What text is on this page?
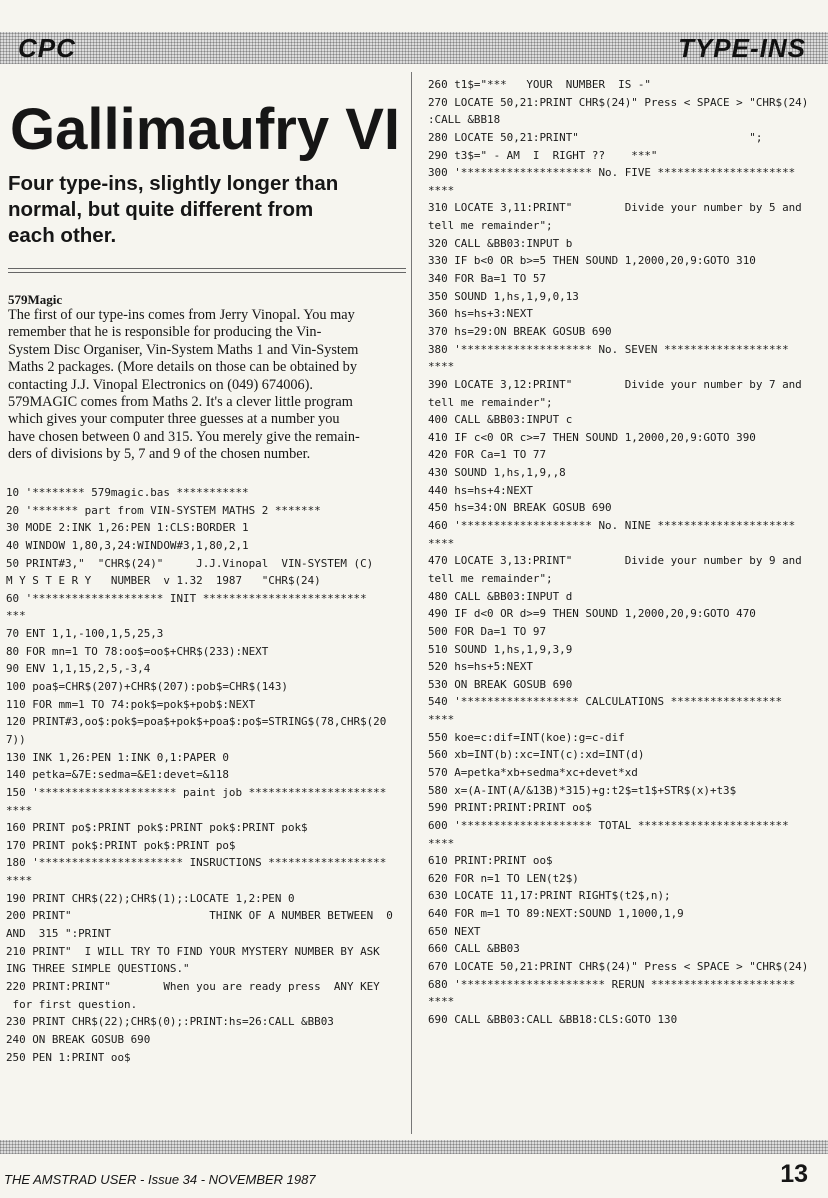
CPC	TYPE-INS
Gallimaufry VI
Four type-ins, slightly longer than
normal, but quite different from
each other.
579Magic
The first of our type-ins comes from Jerry Vinopal. You may
remember that he is responsible for producing the Vin-
System Disc Organiser, Vin-System Maths 1 and Vin-System
Maths 2 packages. (More details on those can be obtained by
contacting J.J. Vinopal Electronics on (049) 674006).
579MAGIC comes from Maths 2. It's a clever little program
which gives your computer three guesses at a number you
have chosen between 0 and 315. You merely give the remain-
ders of divisions by 5, 7 and 9 of the chosen number.
10 '******** 579magic.bas ***********
20 '******* part from VIN-SYSTEM MATHS 2 *******
30 MODE 2:INK 1,26:PEN 1:CLS:BORDER 1
40 WINDOW 1,80,3,24:WINDOW#3,1,80,2,1
50 PRINT#3,"  "CHR$(24)"     J.J.Vinopal  VIN-SYSTEM (C)
M Y S T E R Y   NUMBER  v 1.32  1987   "CHR$(24)
60 '******************** INIT *************************
***
70 ENT 1,1,-100,1,5,25,3
80 FOR mn=1 TO 78:oo$=oo$+CHR$(233):NEXT
90 ENV 1,1,15,2,5,-3,4
100 poa$=CHR$(207)+CHR$(207):pob$=CHR$(143)
110 FOR mm=1 TO 74:pok$=pok$+pob$:NEXT
120 PRINT#3,oo$:pok$=poa$+pok$+poa$:po$=STRING$(78,CHR$(20
7))
130 INK 1,26:PEN 1:INK 0,1:PAPER 0
140 petka=&7E:sedma=&E1:devet=&118
150 '********************* paint job *********************
****
160 PRINT po$:PRINT pok$:PRINT pok$:PRINT pok$
170 PRINT pok$:PRINT pok$:PRINT po$
180 '********************** INSRUCTIONS ******************
****
190 PRINT CHR$(22);CHR$(1);:LOCATE 1,2:PEN 0
200 PRINT"                     THINK OF A NUMBER BETWEEN  0
AND  315 ":PRINT
210 PRINT"  I WILL TRY TO FIND YOUR MYSTERY NUMBER BY ASK
ING THREE SIMPLE QUESTIONS."
220 PRINT:PRINT"        When you are ready press  ANY KEY
for first question.
230 PRINT CHR$(22);CHR$(0);:PRINT:hs=26:CALL &BB03
240 ON BREAK GOSUB 690
250 PEN 1:PRINT oo$
260 t1$="***   YOUR  NUMBER  IS -"
270 LOCATE 50,21:PRINT CHR$(24)" Press < SPACE > "CHR$(24)
:CALL &BB18
280 LOCATE 50,21:PRINT"                          ";
290 t3$=" - AM  I  RIGHT ??    ***"
300 '******************** No. FIVE *********************
****
310 LOCATE 3,11:PRINT"        Divide your number by 5 and
tell me remainder";
320 CALL &BB03:INPUT b
330 IF b<0 OR b>=5 THEN SOUND 1,2000,20,9:GOTO 310
340 FOR Ba=1 TO 57
350 SOUND 1,hs,1,9,0,13
360 hs=hs+3:NEXT
370 hs=29:ON BREAK GOSUB 690
380 '******************** No. SEVEN *******************
****
390 LOCATE 3,12:PRINT"        Divide your number by 7 and
tell me remainder";
400 CALL &BB03:INPUT c
410 IF c<0 OR c>=7 THEN SOUND 1,2000,20,9:GOTO 390
420 FOR Ca=1 TO 77
430 SOUND 1,hs,1,9,,8
440 hs=hs+4:NEXT
450 hs=34:ON BREAK GOSUB 690
460 '******************** No. NINE *********************
****
470 LOCATE 3,13:PRINT"        Divide your number by 9 and
tell me remainder";
480 CALL &BB03:INPUT d
490 IF d<0 OR d>=9 THEN SOUND 1,2000,20,9:GOTO 470
500 FOR Da=1 TO 97
510 SOUND 1,hs,1,9,3,9
520 hs=hs+5:NEXT
530 ON BREAK GOSUB 690
540 '****************** CALCULATIONS *****************
****
550 koe=c:dif=INT(koe):g=c-dif
560 xb=INT(b):xc=INT(c):xd=INT(d)
570 A=petka*xb+sedma*xc+devet*xd
580 x=(A-INT(A/&13B)*315)+g:t2$=t1$+STR$(x)+t3$
590 PRINT:PRINT:PRINT oo$
600 '******************** TOTAL ***********************
****
610 PRINT:PRINT oo$
620 FOR n=1 TO LEN(t2$)
630 LOCATE 11,17:PRINT RIGHT$(t2$,n);
640 FOR m=1 TO 89:NEXT:SOUND 1,1000,1,9
650 NEXT
660 CALL &BB03
670 LOCATE 50,21:PRINT CHR$(24)" Press < SPACE > "CHR$(24)
680 '********************** RERUN **********************
****
690 CALL &BB03:CALL &BB18:CLS:GOTO 130
THE AMSTRAD USER - Issue 34 - NOVEMBER 1987	13
